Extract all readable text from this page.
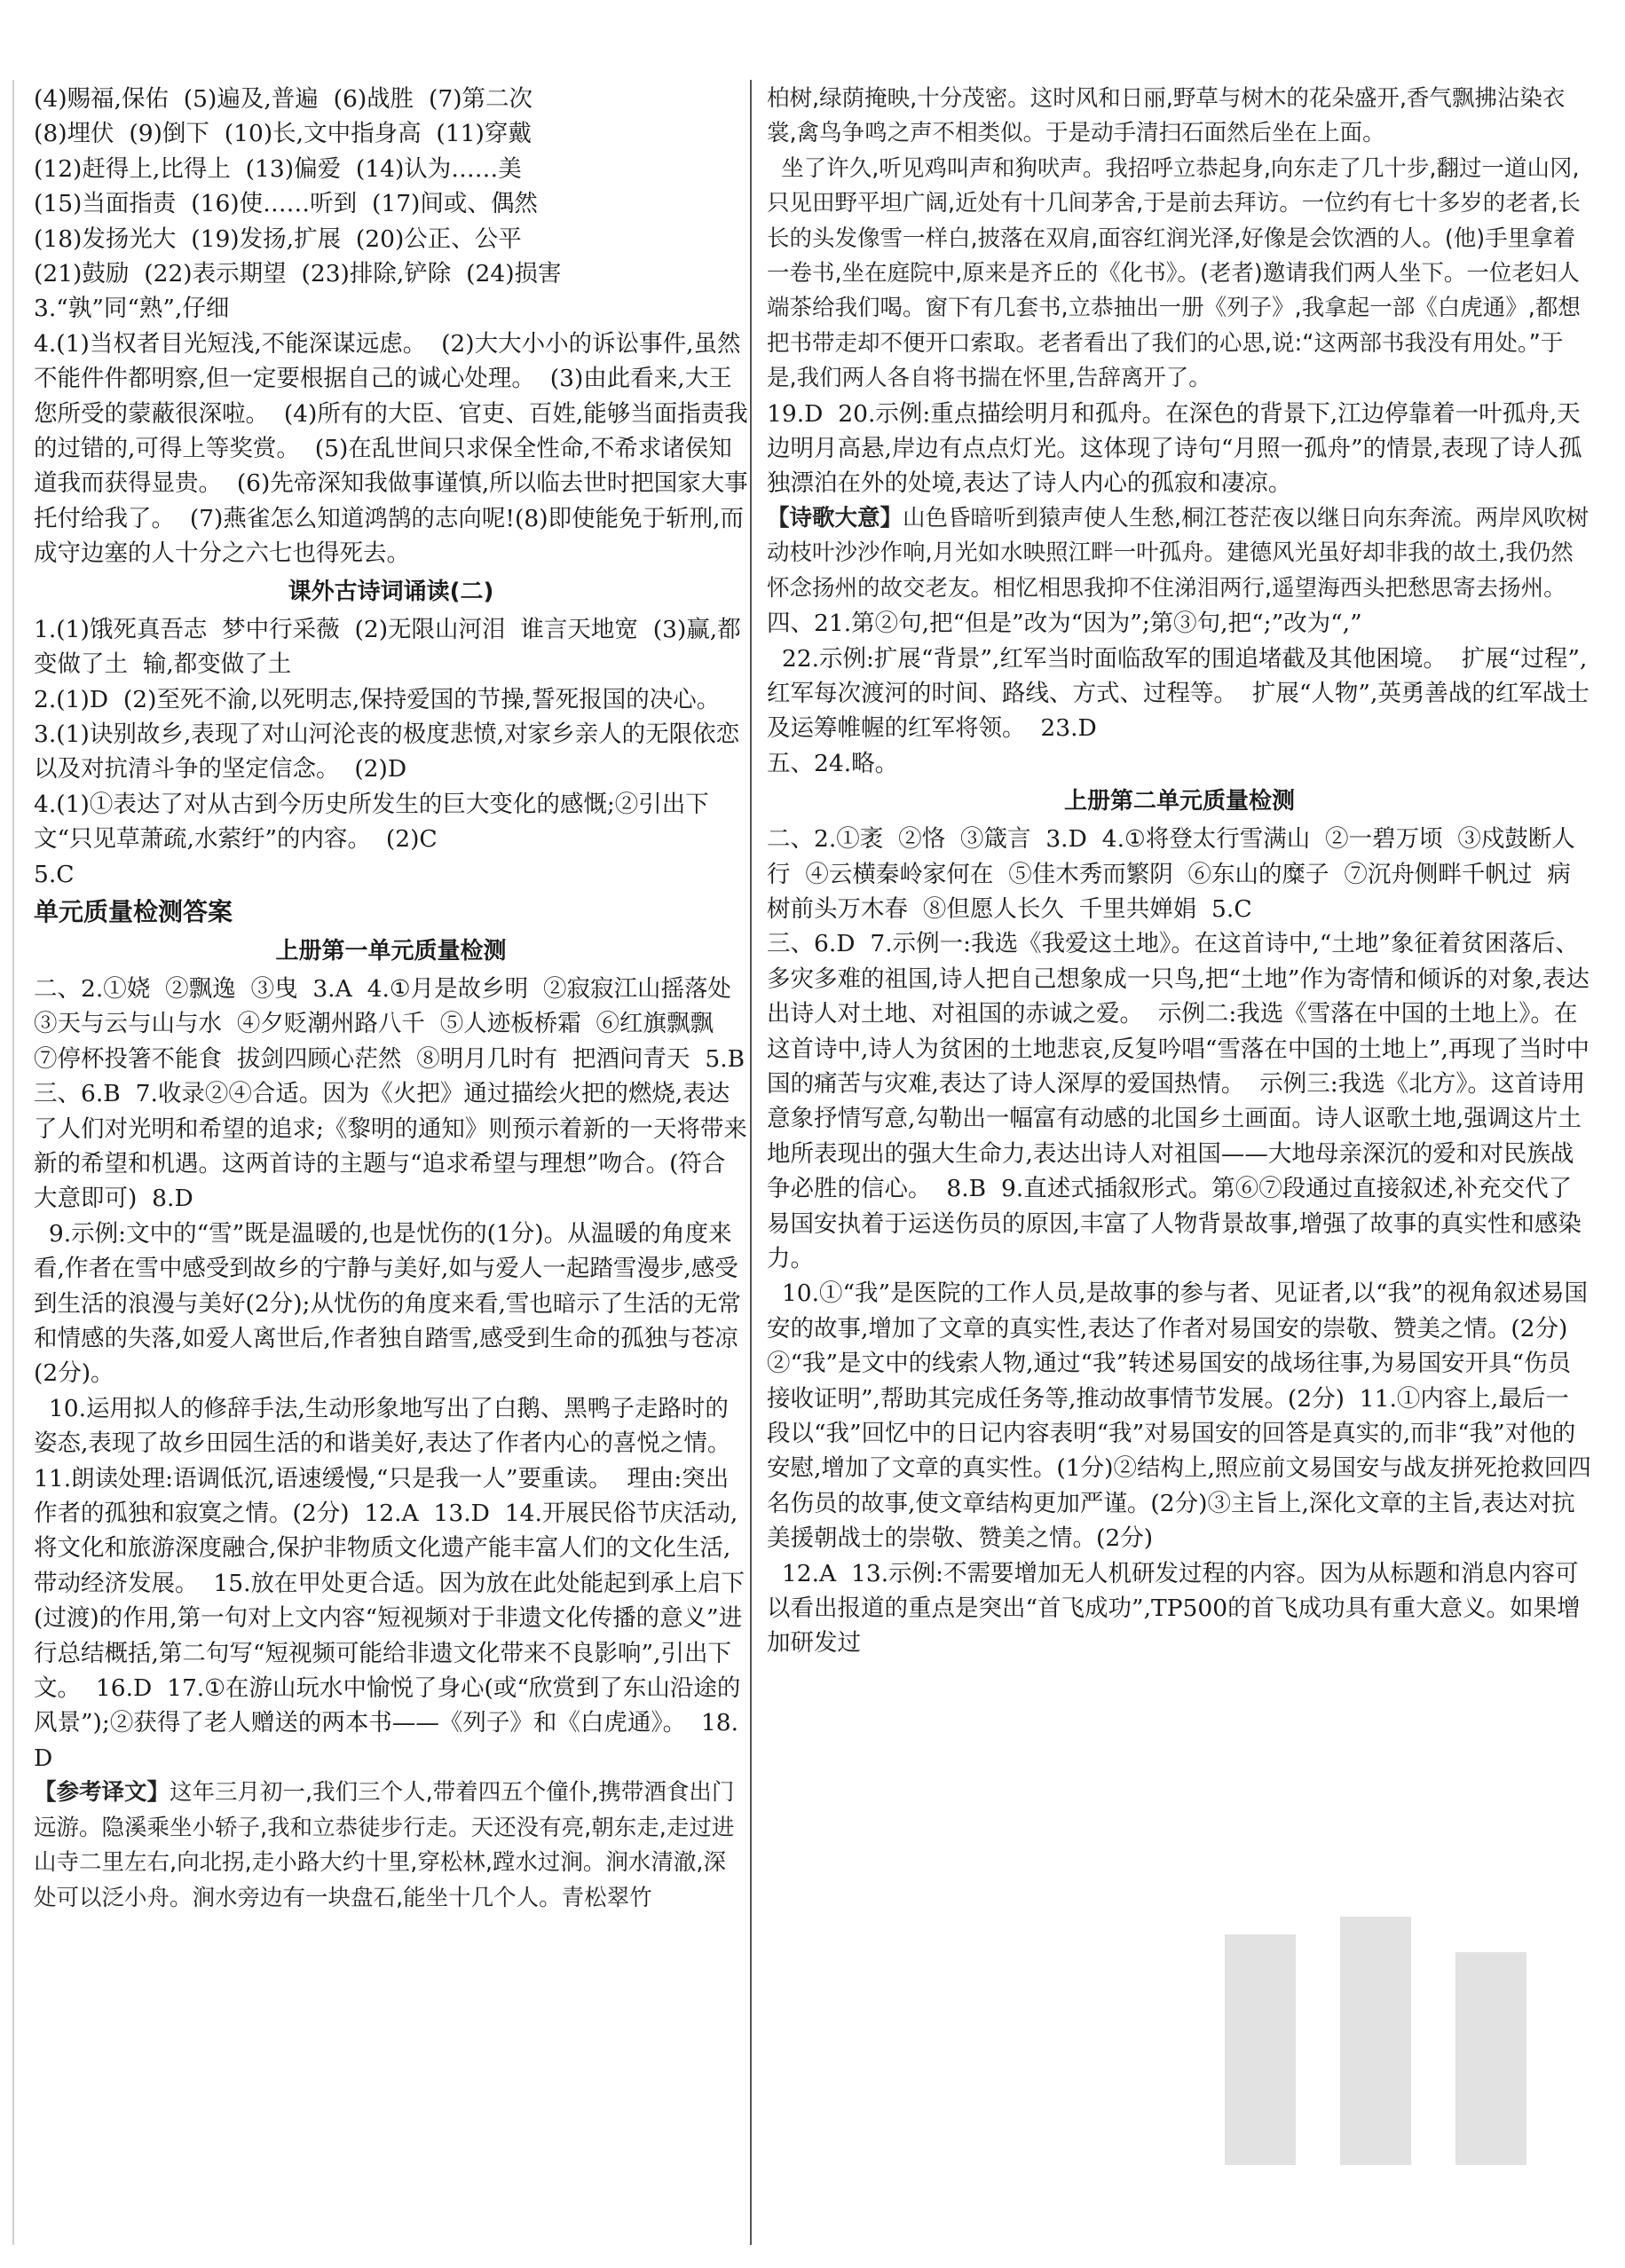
(4)赐福,保佑  (5)遍及,普遍  (6)战胜  (7)第二次

(8)埋伏  (9)倒下  (10)长,文中指身高  (11)穿戴

(12)赶得上,比得上  (13)偏爱  (14)认为……美

(15)当面指责  (16)使……听到  (17)间或、偶然

(18)发扬光大  (19)发扬,扩展  (20)公正、公平

(21)鼓励  (22)表示期望  (23)排除,铲除  (24)损害

3.“孰”同“熟”,仔细

4.(1)当权者目光短浅,不能深谋远虑。  (2)大大小小的诉讼事件,虽然不能件件都明察,但一定要根据自己的诚心处理。  (3)由此看来,大王您所受的蒙蔽很深啦。  (4)所有的大臣、官吏、百姓,能够当面指责我的过错的,可得上等奖赏。  (5)在乱世间只求保全性命,不希求诸侯知道我而获得显贵。  (6)先帝深知我做事谨慎,所以临去世时把国家大事托付给我了。  (7)燕雀怎么知道鸿鹄的志向呢!(8)即使能免于斩刑,而成守边塞的人十分之六七也得死去。

课外古诗词诵读(二)

1.(1)饿死真吾志  梦中行采薇  (2)无限山河泪  谁言天地宽  (3)赢,都变做了土  输,都变做了土

2.(1)D  (2)至死不渝,以死明志,保持爱国的节操,誓死报国的决心。

3.(1)诀别故乡,表现了对山河沦丧的极度悲愤,对家乡亲人的无限依恋以及对抗清斗争的坚定信念。  (2)D

4.(1)①表达了对从古到今历史所发生的巨大变化的感慨;②引出下文“只见草萧疏,水萦纡”的内容。  (2)C

5.C

单元质量检测答案

上册第一单元质量检测

二、2.①娆  ②飘逸  ③曳  3.A  4.①月是故乡明  ②寂寂江山摇落处  ③天与云与山与水  ④夕贬潮州路八千  ⑤人迹板桥霜  ⑥红旗飘飘  ⑦停杯投箸不能食  拔剑四顾心茫然  ⑧明月几时有  把酒问青天  5.B

三、6.B  7.收录②④合适。因为《火把》通过描绘火把的燃烧,表达了人们对光明和希望的追求;《黎明的通知》则预示着新的一天将带来新的希望和机遇。这两首诗的主题与“追求希望与理想”吻合。(符合大意即可)  8.D

9.示例:文中的“雪”既是温暖的,也是忧伤的(1分)。从温暖的角度来看,作者在雪中感受到故乡的宁静与美好,如与爱人一起踏雪漫步,感受到生活的浪漫与美好(2分);从忧伤的角度来看,雪也暗示了生活的无常和情感的失落,如爱人离世后,作者独自踏雪,感受到生命的孤独与苍凉(2分)。

10.运用拟人的修辞手法,生动形象地写出了白鹅、黑鸭子走路时的姿态,表现了故乡田园生活的和谐美好,表达了作者内心的喜悦之情。  11.朗读处理:语调低沉,语速缓慢,“只是我一人”要重读。  理由:突出作者的孤独和寂寞之情。(2分)  12.A  13.D  14.开展民俗节庆活动,将文化和旅游深度融合,保护非物质文化遗产能丰富人们的文化生活,带动经济发展。  15.放在甲处更合适。因为放在此处能起到承上启下(过渡)的作用,第一句对上文内容“短视频对于非遗文化传播的意义”进行总结概括,第二句写“短视频可能给非遗文化带来不良影响”,引出下文。  16.D  17.①在游山玩水中愉悦了身心(或“欣赏到了东山沿途的风景”);②获得了老人赠送的两本书——《列子》和《白虎通》。  18.D

【参考译文】这年三月初一,我们三个人,带着四五个僮仆,携带酒食出门远游。隐溪乘坐小轿子,我和立恭徒步行走。天还没有亮,朝东走,走过进山寺二里左右,向北拐,走小路大约十里,穿松林,蹚水过涧。涧水清澈,深处可以泛小舟。涧水旁边有一块盘石,能坐十几个人。青松翠竹

柏树,绿荫掩映,十分茂密。这时风和日丽,野草与树木的花朵盛开,香气飘拂沾染衣裳,禽鸟争鸣之声不相类似。于是动手清扫石面然后坐在上面。

坐了许久,听见鸡叫声和狗吠声。我招呼立恭起身,向东走了几十步,翻过一道山冈,只见田野平坦广阔,近处有十几间茅舍,于是前去拜访。一位约有七十多岁的老者,长长的头发像雪一样白,披落在双肩,面容红润光泽,好像是会饮酒的人。(他)手里拿着一卷书,坐在庭院中,原来是齐丘的《化书》。(老者)邀请我们两人坐下。一位老妇人端茶给我们喝。窗下有几套书,立恭抽出一册《列子》,我拿起一部《白虎通》,都想把书带走却不便开口索取。老者看出了我们的心思,说:“这两部书我没有用处。”于是,我们两人各自将书揣在怀里,告辞离开了。

19.D  20.示例:重点描绘明月和孤舟。在深色的背景下,江边停靠着一叶孤舟,天边明月高悬,岸边有点点灯光。这体现了诗句“月照一孤舟”的情景,表现了诗人孤独漂泊在外的处境,表达了诗人内心的孤寂和凄凉。

【诗歌大意】山色昏暗听到猿声使人生愁,桐江苍茫夜以继日向东奔流。两岸风吹树动枝叶沙沙作响,月光如水映照江畔一叶孤舟。建德风光虽好却非我的故土,我仍然怀念扬州的故交老友。相忆相思我抑不住涕泪两行,遥望海西头把愁思寄去扬州。

四、21.第②句,把“但是”改为“因为”;第③句,把“;”改为“,”

22.示例:扩展“背景”,红军当时面临敌军的围追堵截及其他困境。  扩展“过程”,红军每次渡河的时间、路线、方式、过程等。  扩展“人物”,英勇善战的红军战士及运筹帷幄的红军将领。  23.D

五、24.略。

上册第二单元质量检测

二、2.①袤  ②恪  ③箴言  3.D  4.①将登太行雪满山  ②一碧万顷  ③戍鼓断人行  ④云横秦岭家何在  ⑤佳木秀而繁阴  ⑥东山的糜子  ⑦沉舟侧畔千帆过  病树前头万木春  ⑧但愿人长久  千里共婵娟  5.C

三、6.D  7.示例一:我选《我爱这土地》。在这首诗中,“土地”象征着贫困落后、多灾多难的祖国,诗人把自己想象成一只鸟,把“土地”作为寄情和倾诉的对象,表达出诗人对土地、对祖国的赤诚之爱。  示例二:我选《雪落在中国的土地上》。在这首诗中,诗人为贫困的土地悲哀,反复吟唱“雪落在中国的土地上”,再现了当时中国的痛苦与灾难,表达了诗人深厚的爱国热情。  示例三:我选《北方》。这首诗用意象抒情写意,勾勒出一幅富有动感的北国乡土画面。诗人讴歌土地,强调这片土地所表现出的强大生命力,表达出诗人对祖国——大地母亲深沉的爱和对民族战争必胜的信心。  8.B  9.直述式插叙形式。第⑥⑦段通过直接叙述,补充交代了易国安执着于运送伤员的原因,丰富了人物背景故事,增强了故事的真实性和感染力。

10.①“我”是医院的工作人员,是故事的参与者、见证者,以“我”的视角叙述易国安的故事,增加了文章的真实性,表达了作者对易国安的崇敬、赞美之情。(2分)②“我”是文中的线索人物,通过“我”转述易国安的战场往事,为易国安开具“伤员接收证明”,帮助其完成任务等,推动故事情节发展。(2分)  11.①内容上,最后一段以“我”回忆中的日记内容表明“我”对易国安的回答是真实的,而非“我”对他的安慰,增加了文章的真实性。(1分)②结构上,照应前文易国安与战友拼死抢救回四名伤员的故事,使文章结构更加严谨。(2分)③主旨上,深化文章的主旨,表达对抗美援朝战士的崇敬、赞美之情。(2分)

12.A  13.示例:不需要增加无人机研发过程的内容。因为从标题和消息内容可以看出报道的重点是突出“首飞成功”,TP500的首飞成功具有重大意义。如果增加研发过
